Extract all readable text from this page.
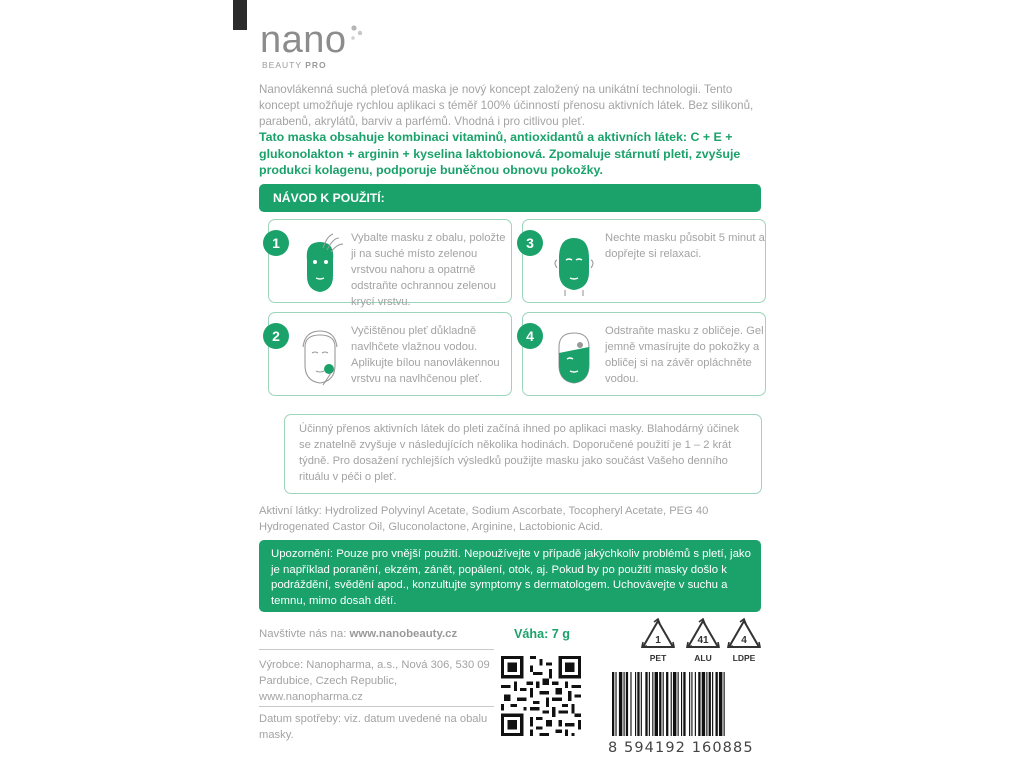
nano
BEAUTY PRO
Nanovlákenná suchá pleťová maska je nový koncept založený na unikátní technologii. Tento koncept umožňuje rychlou aplikaci s téměř 100% účinností přenosu aktivních látek. Bez silikonů, parabenů, akrylátů, barviv a parfémů. Vhodná i pro citlivou pleť.
Tato maska obsahuje kombinaci vitaminů, antioxidantů a aktivních látek: C + E + glukonolakton + arginin + kyselina laktobionová. Zpomaluje stárnutí pleti, zvyšuje produkci kolagenu, podporuje buněčnou obnovu pokožky.
NÁVOD K POUŽITÍ:
1	Vybalte masku z obalu, položte ji na suché místo zelenou vrstvou nahoru a opatrně odstraňte ochrannou zelenou krycí vrstvu.
3	Nechte masku působit 5 minut a dopřejte si relaxaci.
2	Vyčištěnou pleť důkladně navlhčete vlažnou vodou. Aplikujte bílou nanovlákennou vrstvu na navlhčenou pleť.
4	Odstraňte masku z obličeje. Gel jemně vmasírujte do pokožky a obličej si na závěr opláchněte vodou.
Účinný přenos aktivních látek do pleti začíná ihned po aplikaci masky. Blahodárný účinek se znatelně zvyšuje v následujících několika hodinách. Doporučené použití je 1 – 2 krát týdně. Pro dosažení rychlejších výsledků použijte masku jako součást Vašeho denního rituálu v péči o pleť.
Aktivní látky: Hydrolized Polyvinyl Acetate, Sodium Ascorbate, Tocopheryl Acetate, PEG 40 Hydrogenated Castor Oil, Gluconolactone, Arginine, Lactobionic Acid.
Upozornění: Pouze pro vnější použití. Nepoužívejte v případě jakýchkoliv problémů s pletí, jako je například poranění, ekzém, zánět, popálení, otok, aj. Pokud by po použití masky došlo k podráždění, svědění apod., konzultujte symptomy s dermatologem. Uchovávejte v suchu a temnu, mimo dosah dětí.
Navštivte nás na: www.nanobeauty.cz	Váha: 7 g
Výrobce: Nanopharma, a.s., Nová 306, 530 09 Pardubice, Czech Republic, www.nanopharma.cz
Datum spotřeby: viz. datum uvedené na obalu masky.
1
PET
41
ALU
4
LDPE
8 594192 160885
